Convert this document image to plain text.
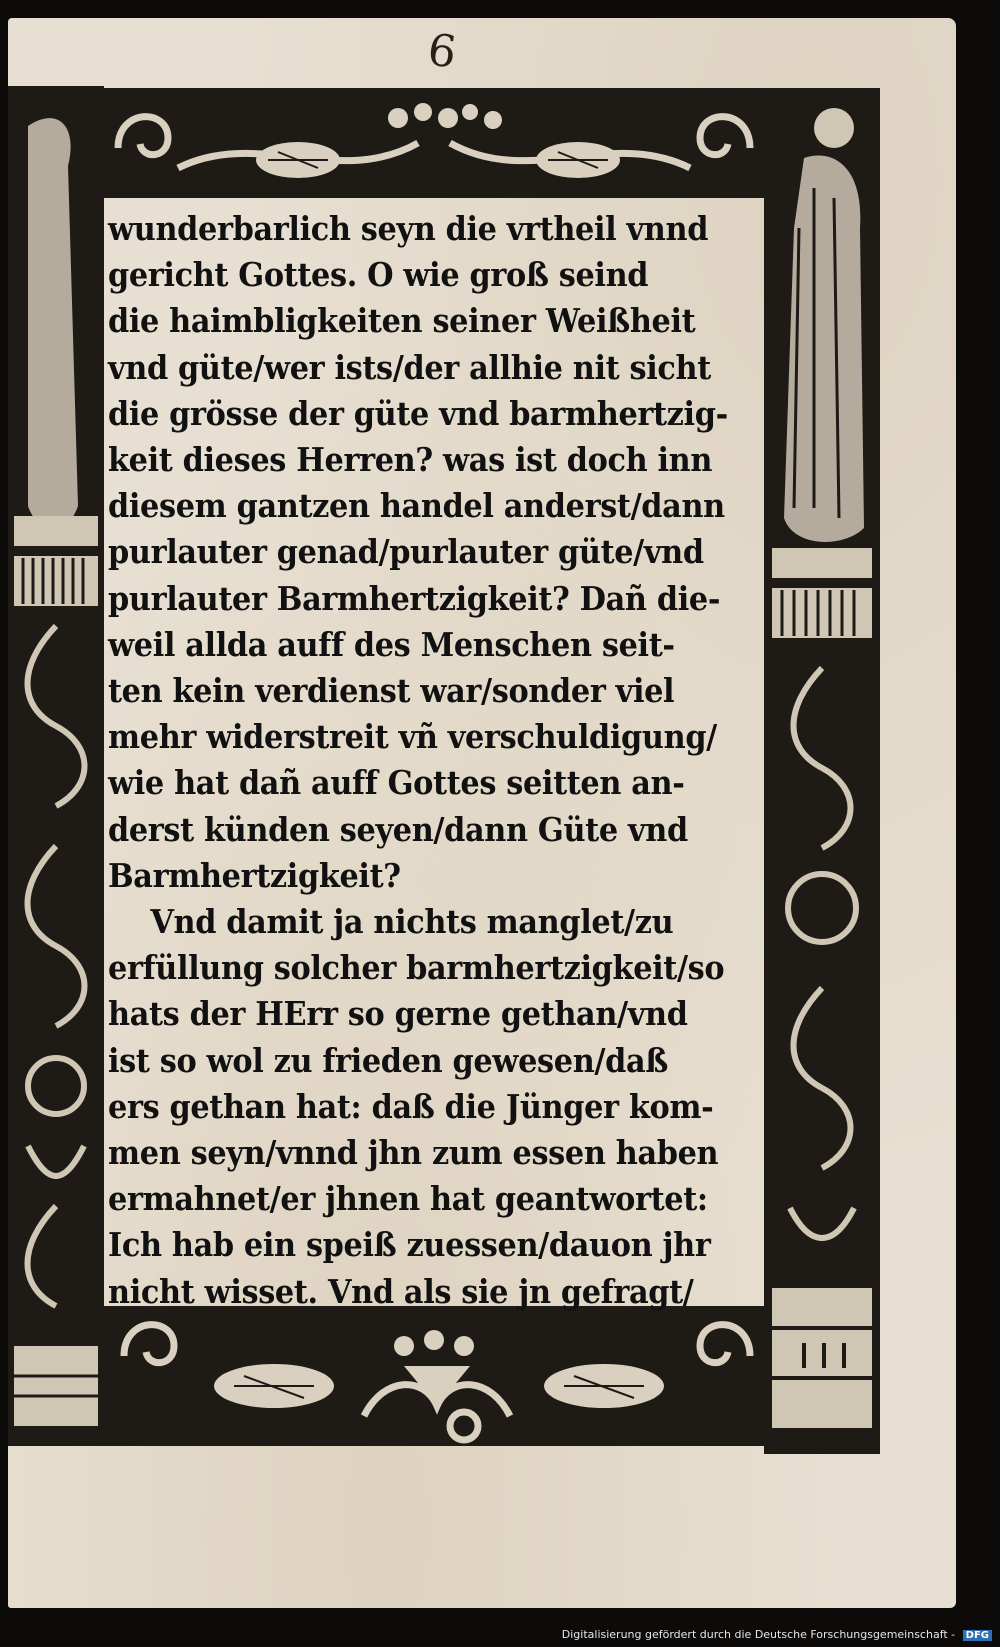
6
wunderbarlich seyn die vrtheil vnnd
gericht Gottes. O wie groß seind
die haimbligkeiten seiner Weißheit
vnd güte/wer ists/der allhie nit sicht
die grösse der güte vnd barmhertzig-
keit dieses Herren? was ist doch inn
diesem gantzen handel anderst/dann
purlauter genad/purlauter güte/vnd
purlauter Barmhertzigkeit? Dañ die-
weil allda auff des Menschen seit-
ten kein verdienst war/sonder viel
mehr widerstreit vñ verschuldigung/
wie hat dañ auff Gottes seitten an-
derst künden seyen/dann Güte vnd
Barmhertzigkeit?
Vnd damit ja nichts manglet/zu
erfüllung solcher barmhertzigkeit/so
hats der HErr so gerne gethan/vnd
ist so wol zu frieden gewesen/daß
ers gethan hat: daß die Jünger kom-
men seyn/vnnd jhn zum essen haben
ermahnet/er jhnen hat geantwortet:
Ich hab ein speiß zuessen/dauon jhr
nicht wisset. Vnd als sie jn gefragt/
Digitalisierung gefördert durch die Deutsche Forschungsgemeinschaft - DFG
